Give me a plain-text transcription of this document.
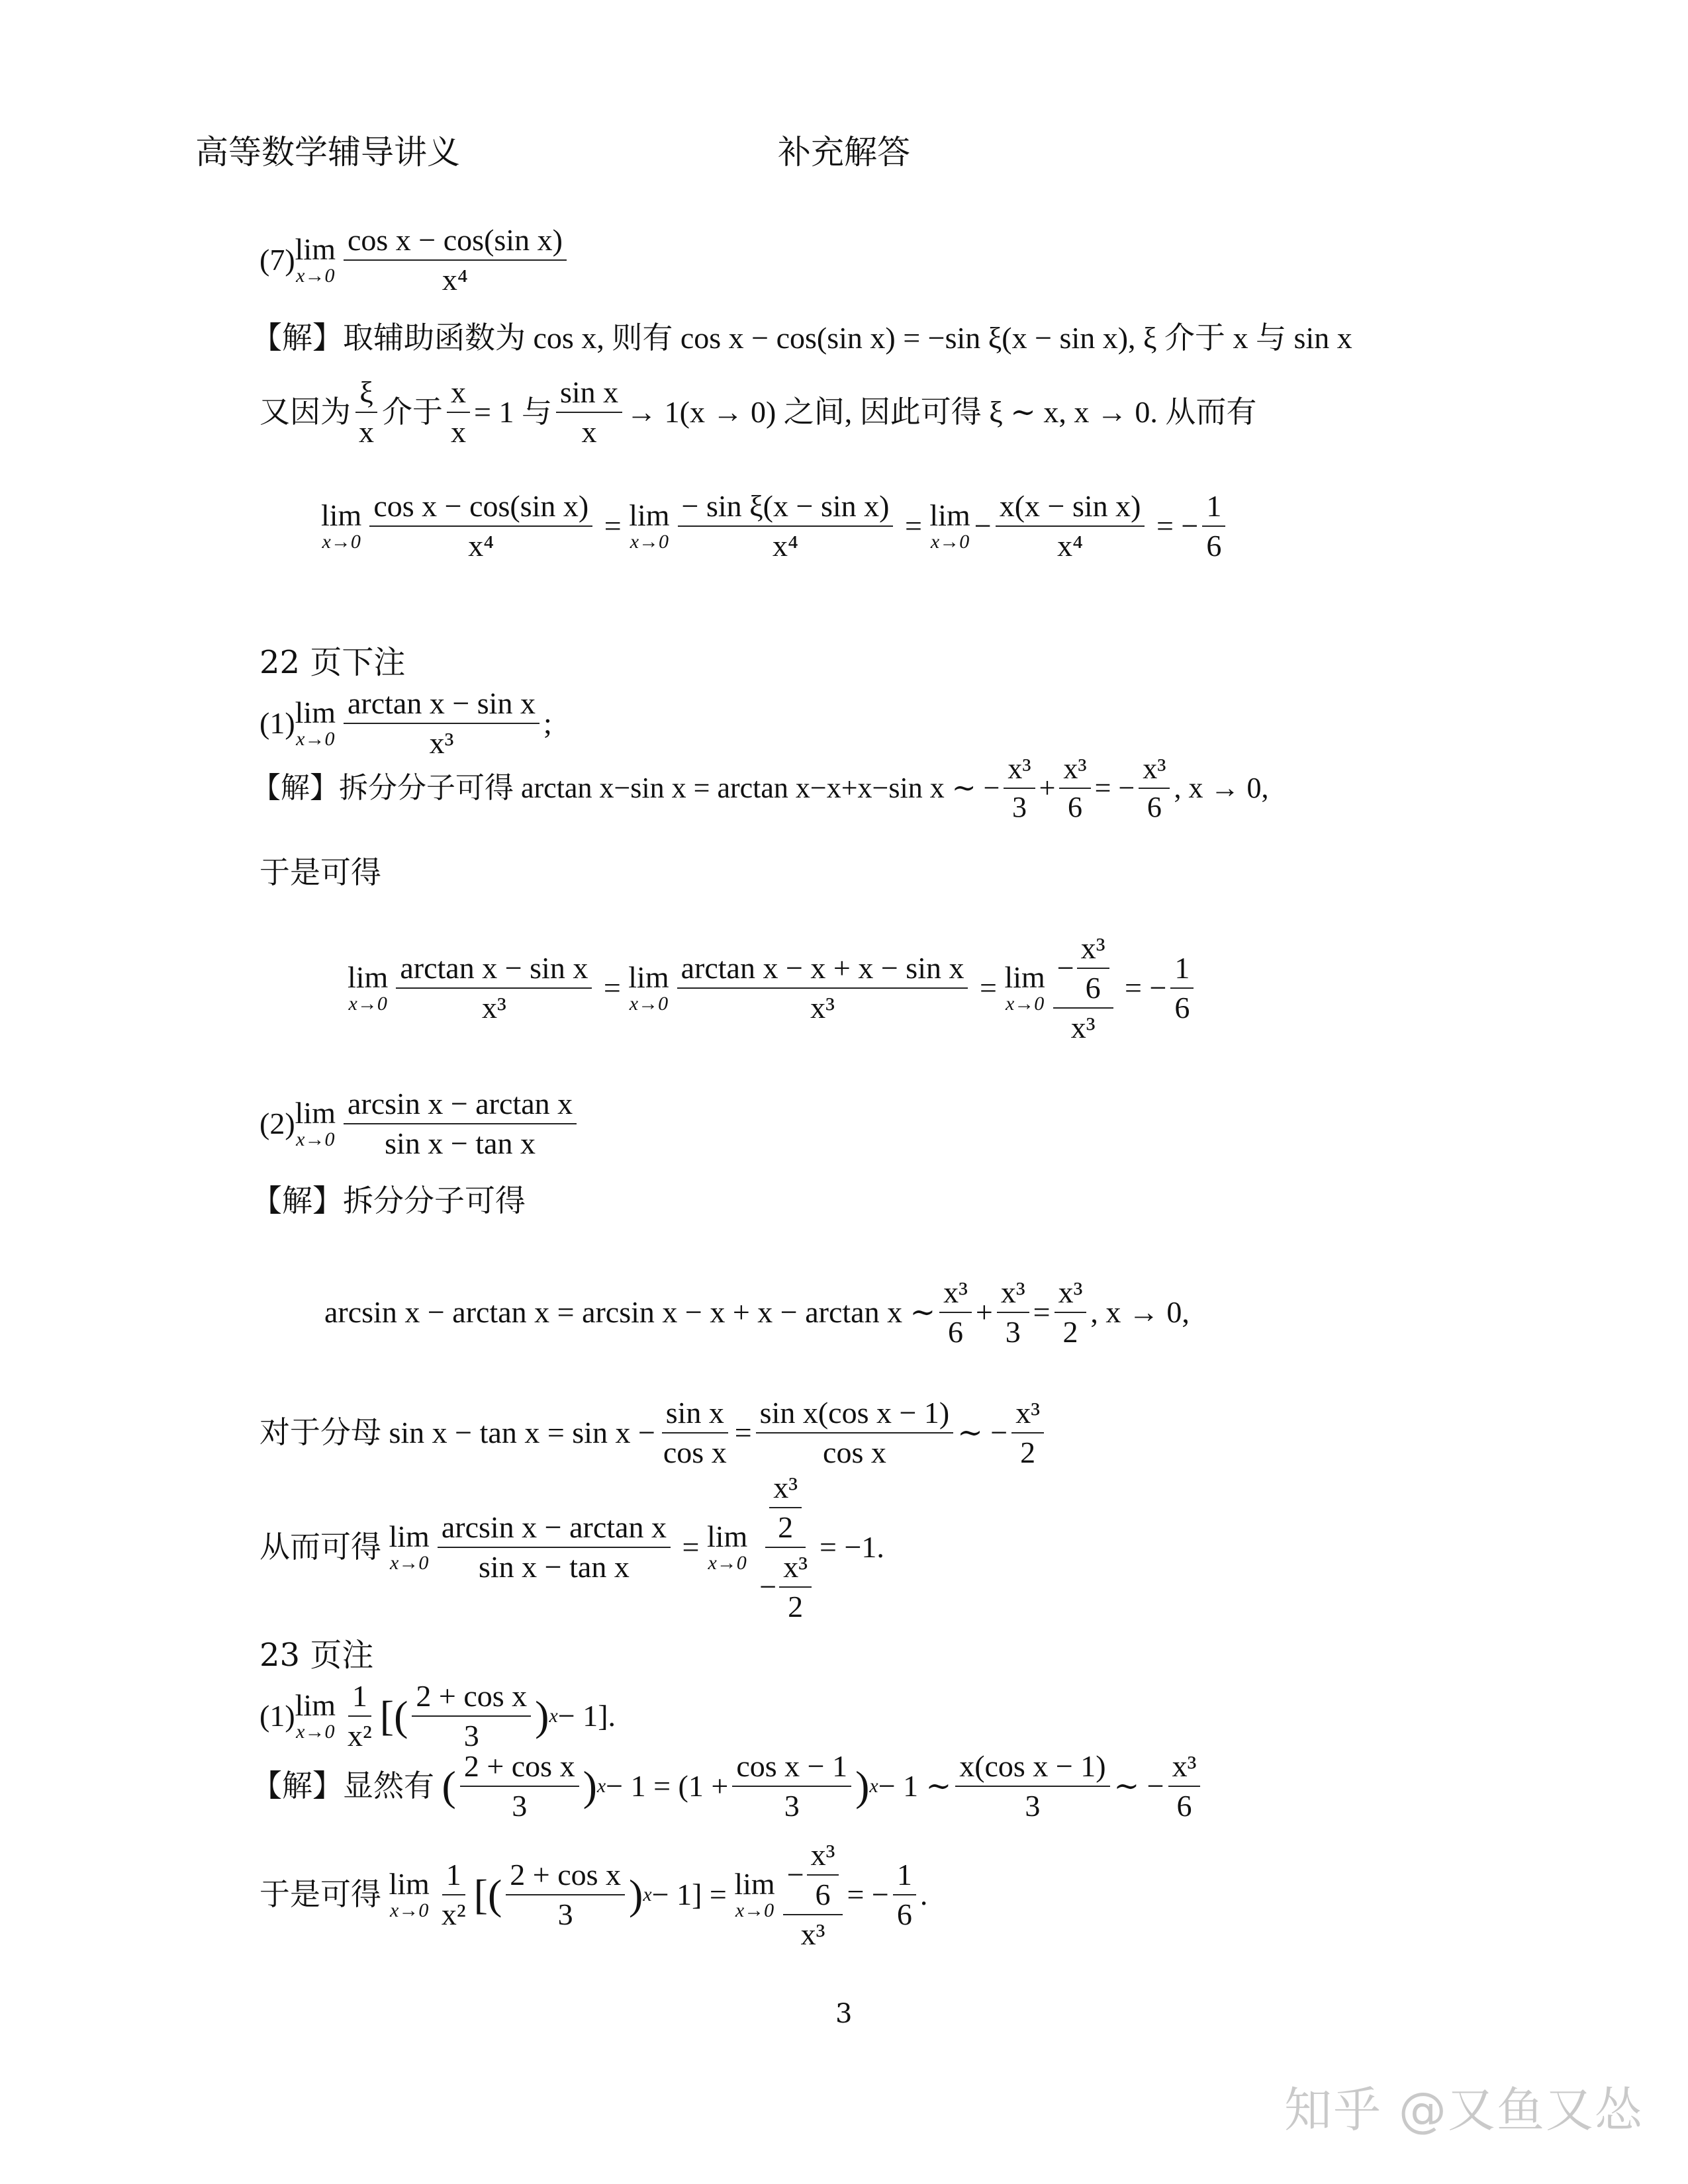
高等数学辅导讲义	补充解答
(7) lim
$x\to 0 \frac{\text{cos x − cos(sin x)}}{\text{x⁴}}$
【解】 取辅助函数为 cos x, 则有 cos x − cos(sin x) = −sin ξ(x − sin x), ξ 介于 x 与 sin x
又因为 $\frac{\xi}{x}$ 介于 $\frac{x}{x} = 1$ 与 $\frac{\text{sin x}}{x} \to 1(x \to 0)$ 之间, 因此可得 ξ ∼ x, x → 0. 从而有
lim
$x\to 0 \frac{\text{cos x − cos(sin x)}}{\text{x⁴}} = \lim$
$x\to 0 \frac{\text{− sin ξ(x − sin x)}}{\text{x⁴}} = \lim$
$x\to 0 - \frac{\text{x(x − sin x)}}{\text{x⁴}}$ = − $\frac{1}{6}$
22 页下注
(1) lim
$x\to 0 \frac{\text{arctan x − sin x}}{\text{x³}}$ ;
【解】 拆分分子可得 arctan x−sin x = arctan x−x+x−sin x ∼ − $\frac{\text{x³}}{3} + \frac{\text{x³}}{6}$ = − $\frac{\text{x³}}{6}$ , x → 0,
于是可得
lim
$x\to 0 \frac{\text{arctan x − sin x}}{\text{x³}} = \lim$
$x\to 0 \frac{\text{arctan x − x + x − sin x}}{\text{x³}} = \lim$
$x\to 0 \frac{- \frac{\text{x³}}{6}}{\text{x³}}$ = − $\frac{1}{6}$
(2) lim
$x\to 0 \frac{\text{arcsin x − arctan x}}{\text{sin x − tan x}}$
【解】拆分分子可得
arcsin x − arctan x = arcsin x − x + x − arctan x ∼ $\frac{\text{x³}}{6} + \frac{\text{x³}}{3} = \frac{\text{x³}}{2}$ , x → 0,
对于分母
$\sin x - \tan x = \sin x - \frac{\text{sin x}}{\text{cos x}} = \frac{\text{sin x(cos x − 1)}}{\text{cos x}}$ ∼ − $\frac{\text{x³}}{2}$
从而可得
lim
$x\to 0 \frac{\text{arcsin x − arctan x}}{\text{sin x − tan x}} = \lim$
$x\to 0 \frac{\frac{\text{x³}}{2}}{- \frac{\text{x³}}{2}} = -1$.
23 页注
(1) lim
$x\to 0 \frac{1}{\text{x²}}$ [( $\frac{\text{2 + cos x}}{3}$ ) x − 1].
【解】 显然有
( $\frac{\text{2 + cos x}}{3}$ ) $x - 1 = (1 + \frac{\text{cos x − 1}}{3}$ ) x − 1 ∼ $\frac{\text{x(cos x − 1)}}{3}$ ∼ − $\frac{\text{x³}}{6}$
于是可得
lim
$x\to 0 \frac{1}{\text{x²}}$ [( $\frac{\text{2 + cos x}}{3}$ ) x − 1] = lim
$x\to 0 \frac{- \frac{\text{x³}}{6}}{\text{x³}}$ = − $\frac{1}{6}$ .
3
知乎 @又鱼又怂
